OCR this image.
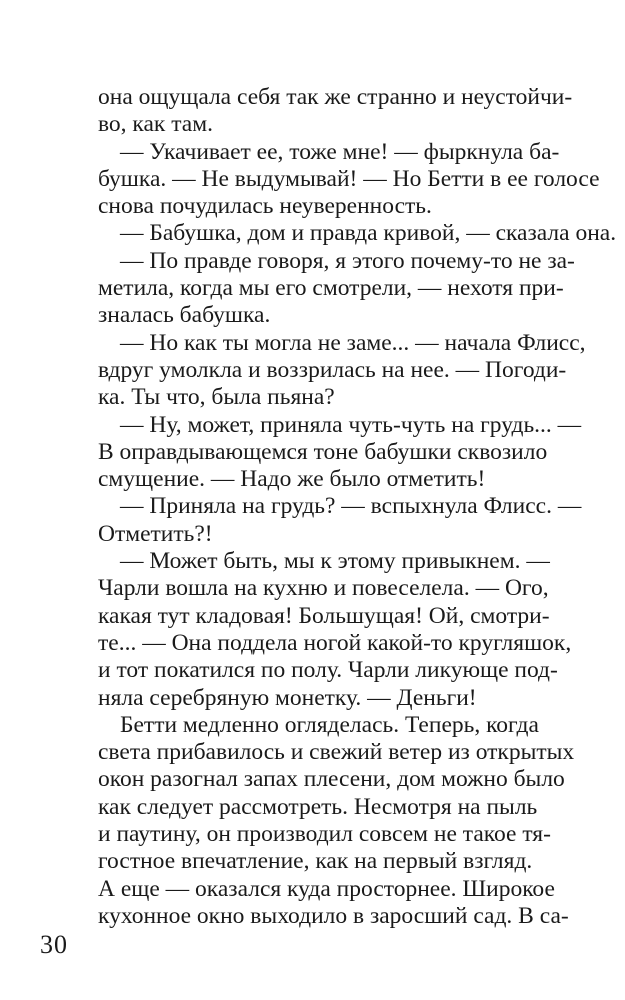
она ощущала себя так же странно и неустойчи-
во, как там.
— Укачивает ее, тоже мне! — фыркнула ба-
бушка. — Не выдумывай! — Но Бетти в ее голосе
снова почудилась неуверенность.
— Бабушка, дом и правда кривой, — сказала она.
— По правде говоря, я этого почему-то не за-
метила, когда мы его смотрели, — нехотя при-
зналась бабушка.
— Но как ты могла не заме... — начала Флисс,
вдруг умолкла и воззрилась на нее. — Погоди-
ка. Ты что, была пьяна?
— Ну, может, приняла чуть-чуть на грудь... —
В оправдывающемся тоне бабушки сквозило
смущение. — Надо же было отметить!
— Приняла на грудь? — вспыхнула Флисс. —
Отметить?!
— Может быть, мы к этому привыкнем. —
Чарли вошла на кухню и повеселела. — Ого,
какая тут кладовая! Большущая! Ой, смотри-
те... — Она поддела ногой какой-то кругляшок,
и тот покатился по полу. Чарли ликующе под-
няла серебряную монетку. — Деньги!
Бетти медленно огляделась. Теперь, когда
света прибавилось и свежий ветер из открытых
окон разогнал запах плесени, дом можно было
как следует рассмотреть. Несмотря на пыль
и паутину, он производил совсем не такое тя-
гостное впечатление, как на первый взгляд.
А еще — оказался куда просторнее. Широкое
кухонное окно выходило в заросший сад. В са-
30
